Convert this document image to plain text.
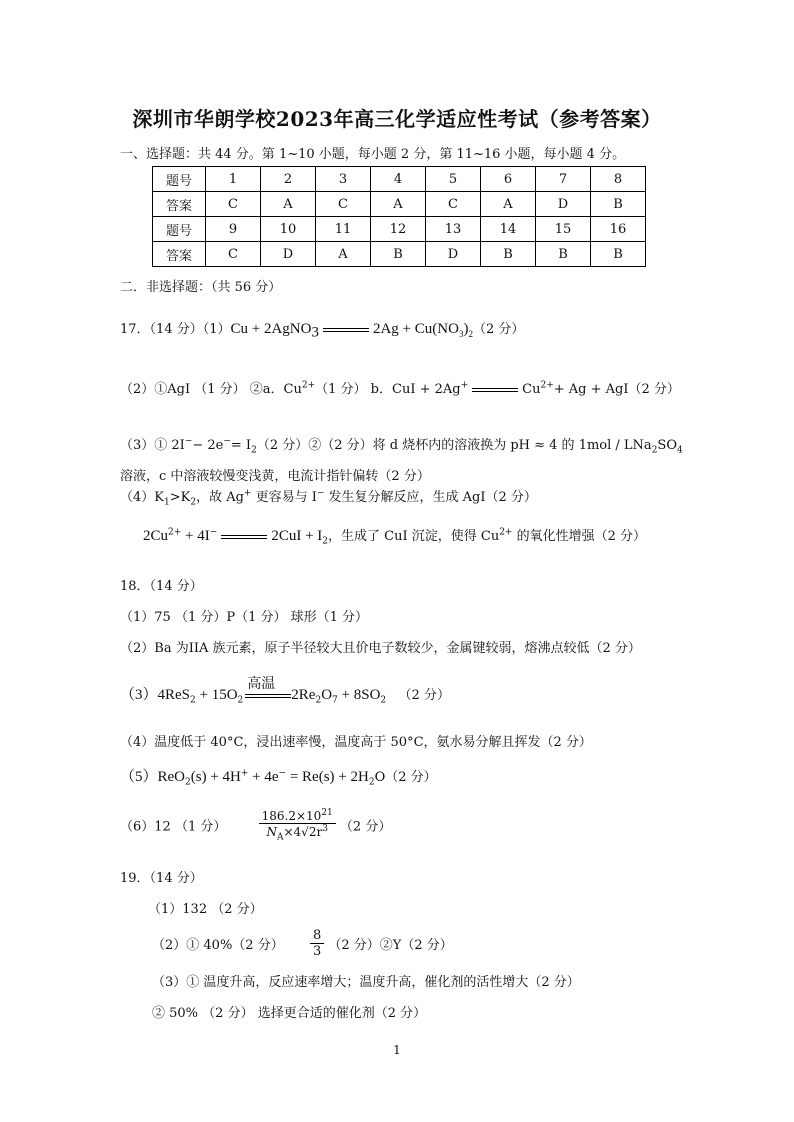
深圳市华朗学校2023年高三化学适应性考试（参考答案）
一、选择题：共 44 分。第 1~10 小题，每小题 2 分，第 11~16 小题，每小题 4 分。
题号	1	2	3	4	5	6	7	8
答案	C	A	C	A	C	A	D	B
题号	9	10	11	12	13	14	15	16
答案	C	D	A	B	D	B	B	B
二．非选择题：（共 56 分）
17．（14 分）（1）Cu + 2AgNO$_3$	$2Ag + Cu(NO_3)_2(2$ 分）
（2）①AgI （1 分） ②a．$Cu^{2+}(1$ 分） b．CuI + 2Ag+	$Cu^{2+}+ Ag + AgI(2$ 分）
（3）① $2I^-- 2e^-= I_2(2$ 分）②（2 分）将 d 烧杯内的溶液换为 pH ≈ 4 的 $1mol / LNa_2SO_4$
溶液，c 中溶液较慢变浅黄，电流计指针偏转（2 分）
$(4)K_1>K_2$，故 Ag+ 更容易与 I− 发生复分解反应，生成 AgI（2 分）
$2Cu^{2+} + 4I^-$	$2CuI + I_2$，生成了 CuI 沉淀，使得 $Cu^{2+}$ 的氧化性增强（2 分）
18．（14 分）
（1）75 （1 分）P（1 分） 球形（1 分）
（2）Ba 为IIA 族元素，原子半径较大且价电子数较少，金属键较弱，熔沸点较低（2 分）
$(3)4ReS_2 + 15O_2$
高温
$2Re_2O_7 + 8SO_2$ （2 分）
（4）温度低于 40°C，浸出速率慢，温度高于 50°C，氨水易分解且挥发（2 分）
$(5)ReO_2(s) + 4H^+ + 4e^- = Re(s) + 2H_2O(2$ 分）
（6）12 （1 分）	$\frac{186.2\times 10^{21}}{N_A\times 4√2r^3} (2$ 分）
19．（14 分）
（1）132 （2 分）
（2）① 40%（2 分） $\frac{8}{3} (2$ 分）②Y（2 分）
（3）① 温度升高，反应速率增大；温度升高，催化剂的活性增大（2 分）
② 50% （2 分） 选择更合适的催化剂（2 分）
1
